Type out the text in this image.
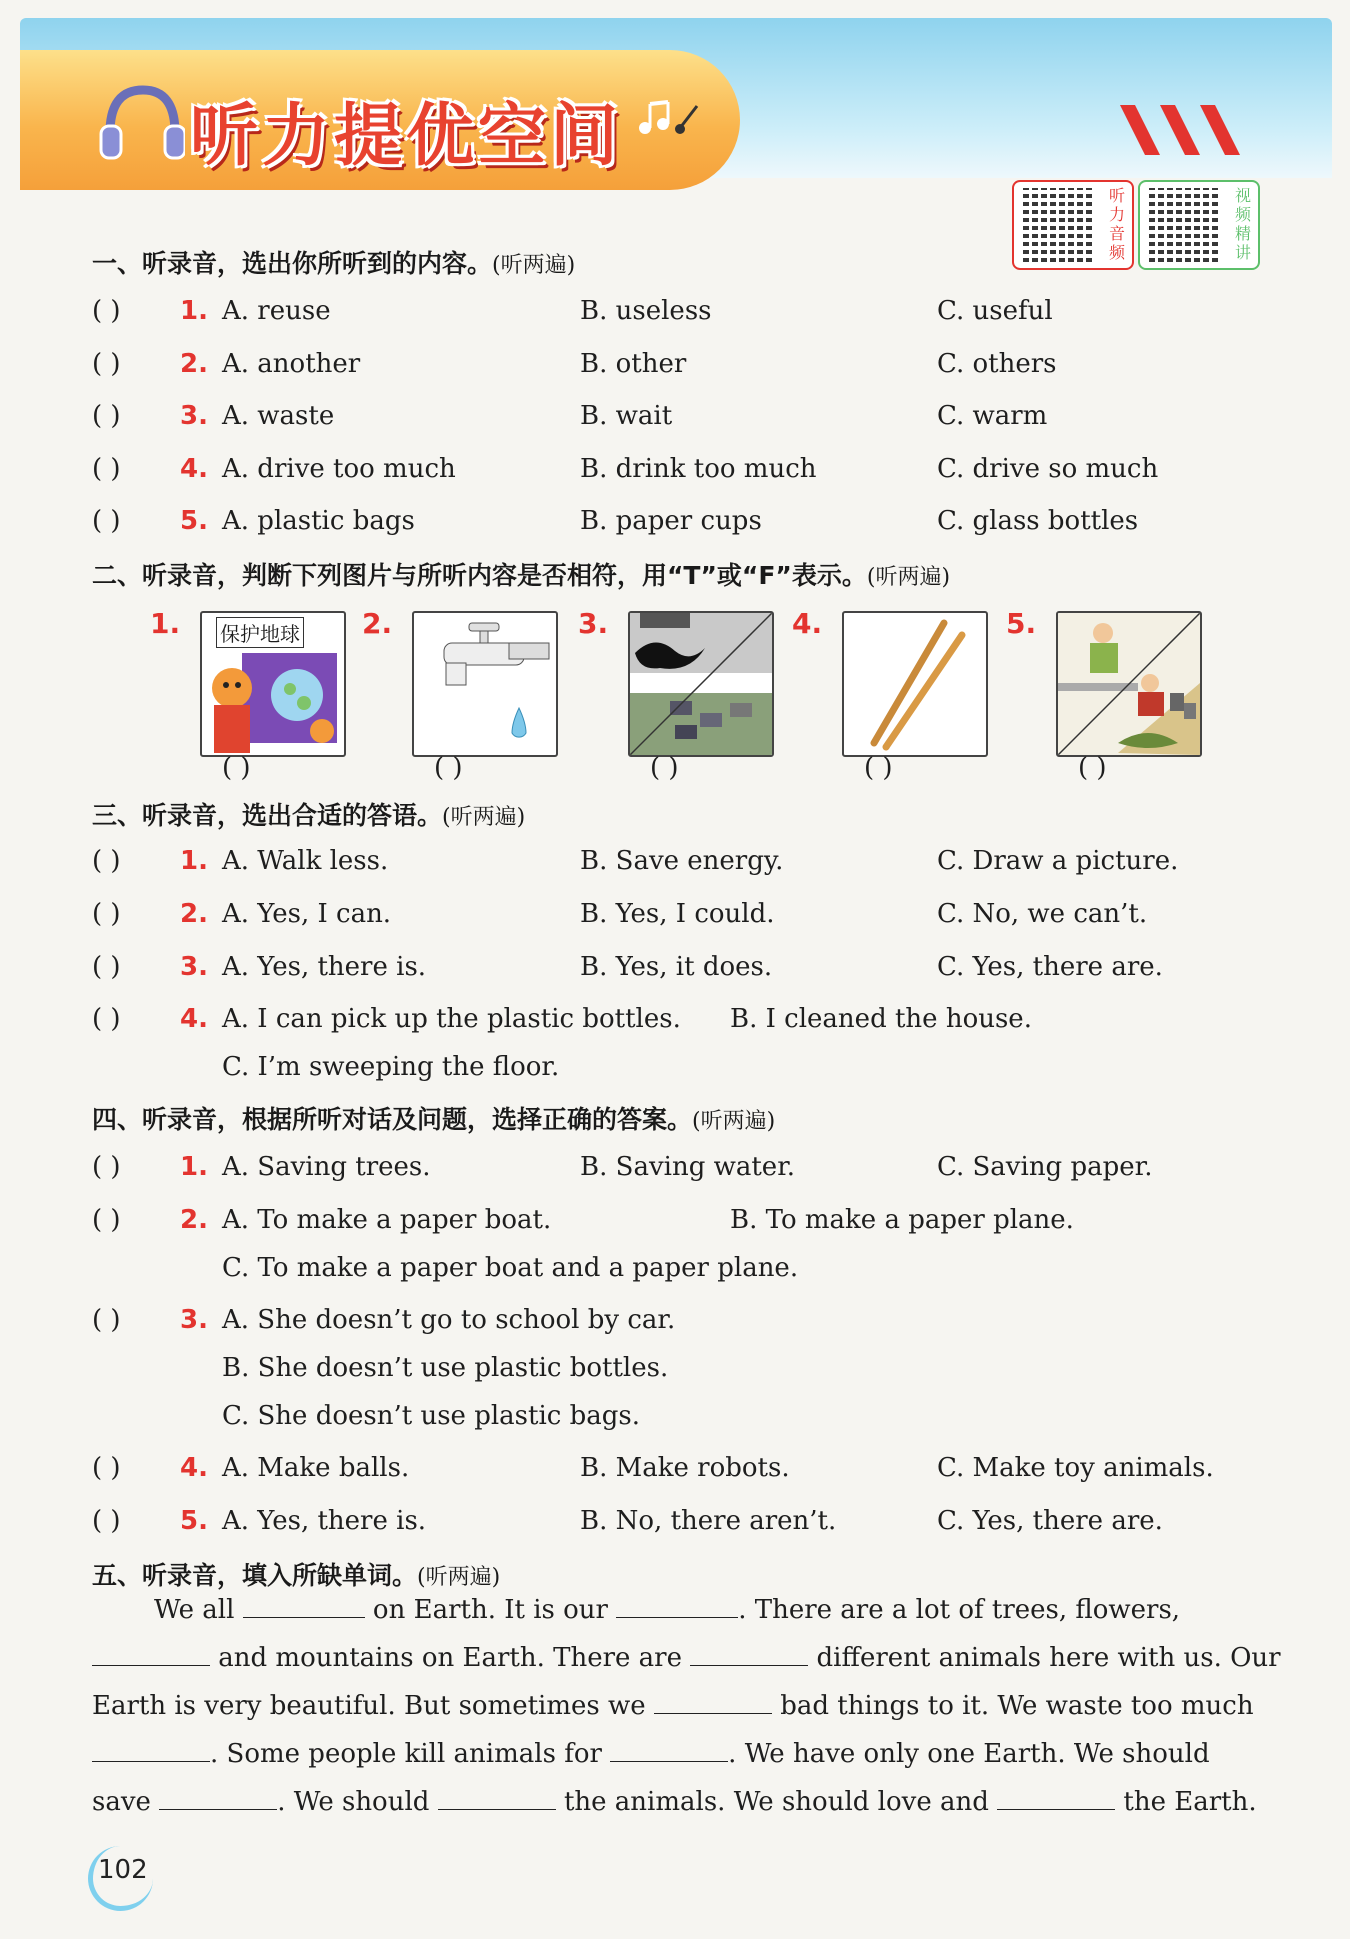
听力提优空间
听
力
音
频
视
频
精
讲
一、听录音，选出你所听到的内容。(听两遍)
( ) 1. A. reuse	B. useless	C. useful
( ) 2. A. another	B. other	C. others
( ) 3. A. waste	B. wait	C. warm
( ) 4. A. drive too much	B. drink too much	C. drive so much
( ) 5. A. plastic bags	B. paper cups	C. glass bottles
二、听录音，判断下列图片与所听内容是否相符，用“T”或“F”表示。(听两遍)
1. 保护地球
( )
2.
( )
3.
( )
4.
( )
5.
( )
三、听录音，选出合适的答语。(听两遍)
( ) 1. A. Walk less.	B. Save energy.	C. Draw a picture.
( ) 2. A. Yes, I can.	B. Yes, I could.	C. No, we can’t.
( ) 3. A. Yes, there is.	B. Yes, it does.	C. Yes, there are.
( ) 4. A. I can pick up the plastic bottles. B. I cleaned the house.
C. I’m sweeping the floor.
四、听录音，根据所听对话及问题，选择正确的答案。(听两遍)
( ) 1. A. Saving trees.	B. Saving water.	C. Saving paper.
( ) 2. A. To make a paper boat.	B. To make a paper plane.
C. To make a paper boat and a paper plane.
( ) 3. A. She doesn’t go to school by car.
B. She doesn’t use plastic bottles.
C. She doesn’t use plastic bags.
( ) 4. A. Make balls.	B. Make robots.	C. Make toy animals.
( ) 5. A. Yes, there is.	B. No, there aren’t.	C. Yes, there are.
五、听录音，填入所缺单词。(听两遍)
We all	on Earth. It is our	. There are a lot of trees, flowers,
and mountains on Earth. There are	different animals here with us. Our
Earth is very beautiful. But sometimes we	bad things to it. We waste too much
. Some people kill animals for	. We have only one Earth. We should
save	. We should	the animals. We should love and	the Earth.
102
